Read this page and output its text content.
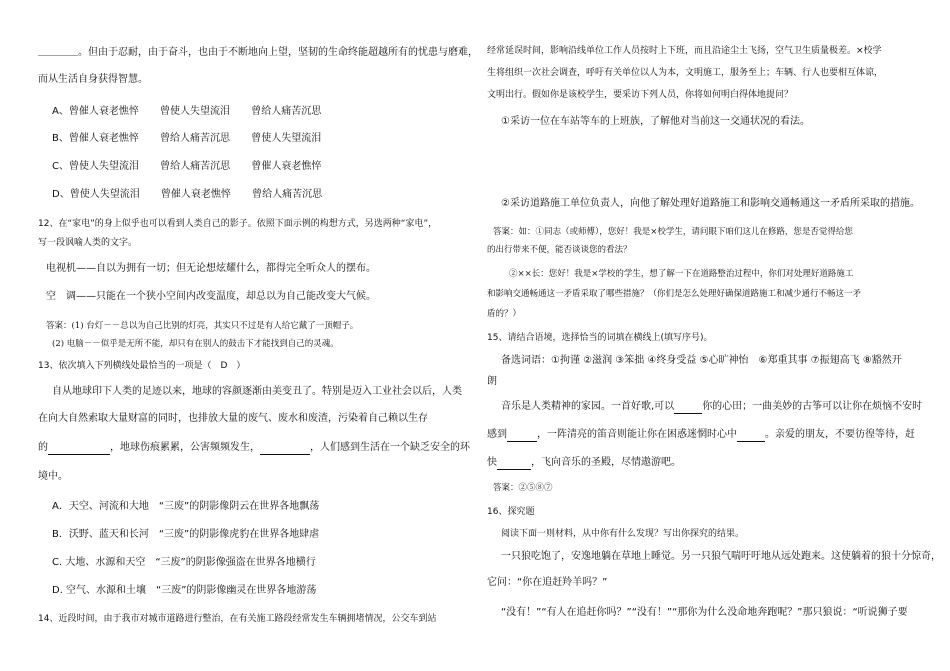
＿＿＿＿。但由于忍耐，由于奋斗，也由于不断地向上望，坚韧的生命终能超越所有的忧患与磨难，
而从生活自身获得智慧。
A、曾催人衰老憔悴 曾使人失望流泪 曾给人痛苦沉思
B、曾催人衰老憔悴 曾给人痛苦沉思 曾使人失望流泪
C、曾使人失望流泪 曾给人痛苦沉思 曾催人衰老憔悴
D、曾使人失望流泪 曾催人衰老憔悴 曾给人痛苦沉思
12、在“家电”的身上似乎也可以看到人类自己的影子。依照下面示例的构想方式，另选两种“家电”，
写一段讽喻人类的文字。
电视机——自以为拥有一切；但无论想炫耀什么，都得完全听众人的摆布。
空　调——只能在一个狭小空间内改变温度，却总以为自己能改变大气候。
答案：(1) 台灯－－总以为自己比别的灯亮，其实只不过是有人给它戴了一顶帽子。
(2) 电脑－－似乎是无所不能，却只有在别人的鼓击下才能找到自己的灵魂。
13、依次填入下列横线处最恰当的一项是（　D　）
自从地球印下人类的足迹以来，地球的容颜逐渐由美变丑了。特别是迈入工业社会以后，人类
在向大自然索取大量财富的同时，也排放大量的废气、废水和废渣，污染着自己赖以生存
的	，地球伤痕累累，公害频频发生，	，人们感到生活在一个缺乏安全的环
境中。
A．天空、河流和大地　“三废”的阴影像阴云在世界各地飘荡
B．沃野、蓝天和长河　“三废”的阴影像虎豹在世界各地肆虐
C. 大地、水源和天空　“三废”的阴影像强盗在世界各地横行
D. 空气、水源和土壤　“三废”的阴影像幽灵在世界各地游荡
14、近段时间，由于我市对城市道路进行整治，在有关施工路段经常发生车辆拥堵情况，公交车到站
经常延误时间，影响沿线单位工作人员按时上下班，而且沿途尘土飞扬，空气卫生质量极差。×校学
生将组织一次社会调查，呼吁有关单位以人为本，文明施工，服务至上；车辆、行人也要相互体谅，
文明出行。假如你是该校学生，要采访下列人员，你将如何明白得体地提问？
①采访一位在车站等车的上班族，了解他对当前这一交通状况的看法。
②采访道路施工单位负责人，向他了解处理好道路施工和影响交通畅通这一矛盾所采取的措施。
答案：如：①同志（或师傅），您好！我是×校学生，请问眼下咱们这儿在修路，您是否觉得给您
的出行带来不便，能否谈谈您的看法？
②××长：您好！我是×学校的学生，想了解一下在道路整治过程中，你们对处理好道路施工
和影响交通畅通这一矛盾采取了哪些措施？（你们是怎么处理好确保道路施工和减少通行不畅这一矛
盾的？）
15、请结合语境，选择恰当的词填在横线上(填写序号)。
备选词语：①拘谨 ②滋润 ③笨拙 ④终身受益 ⑤心旷神怡　⑥郑重其事 ⑦振翅高飞 ⑧豁然开
朗
音乐是人类精神的家园。一首好歌,可以	你的心田；一曲美妙的古筝可以让你在烦恼不安时
感到	，一阵清亮的笛音则能让你在困惑迷惘时心中	。亲爱的朋友，不要彷徨等待，赶
快	，飞向音乐的圣殿，尽情遨游吧。
答案：②⑤⑧⑦
16、探究题
阅读下面一则材料，从中你有什么发现？写出你探究的结果。
一只狼吃饱了，安逸地躺在草地上睡觉。另一只狼气喘吁吁地从远处跑来。这使躺着的狼十分惊奇，
它问：“你在追赶羚羊吗？”
“没有！”“有人在追赶你吗？”“没有！”“那你为什么没命地奔跑呢？”那只狼说：“听说狮子要
